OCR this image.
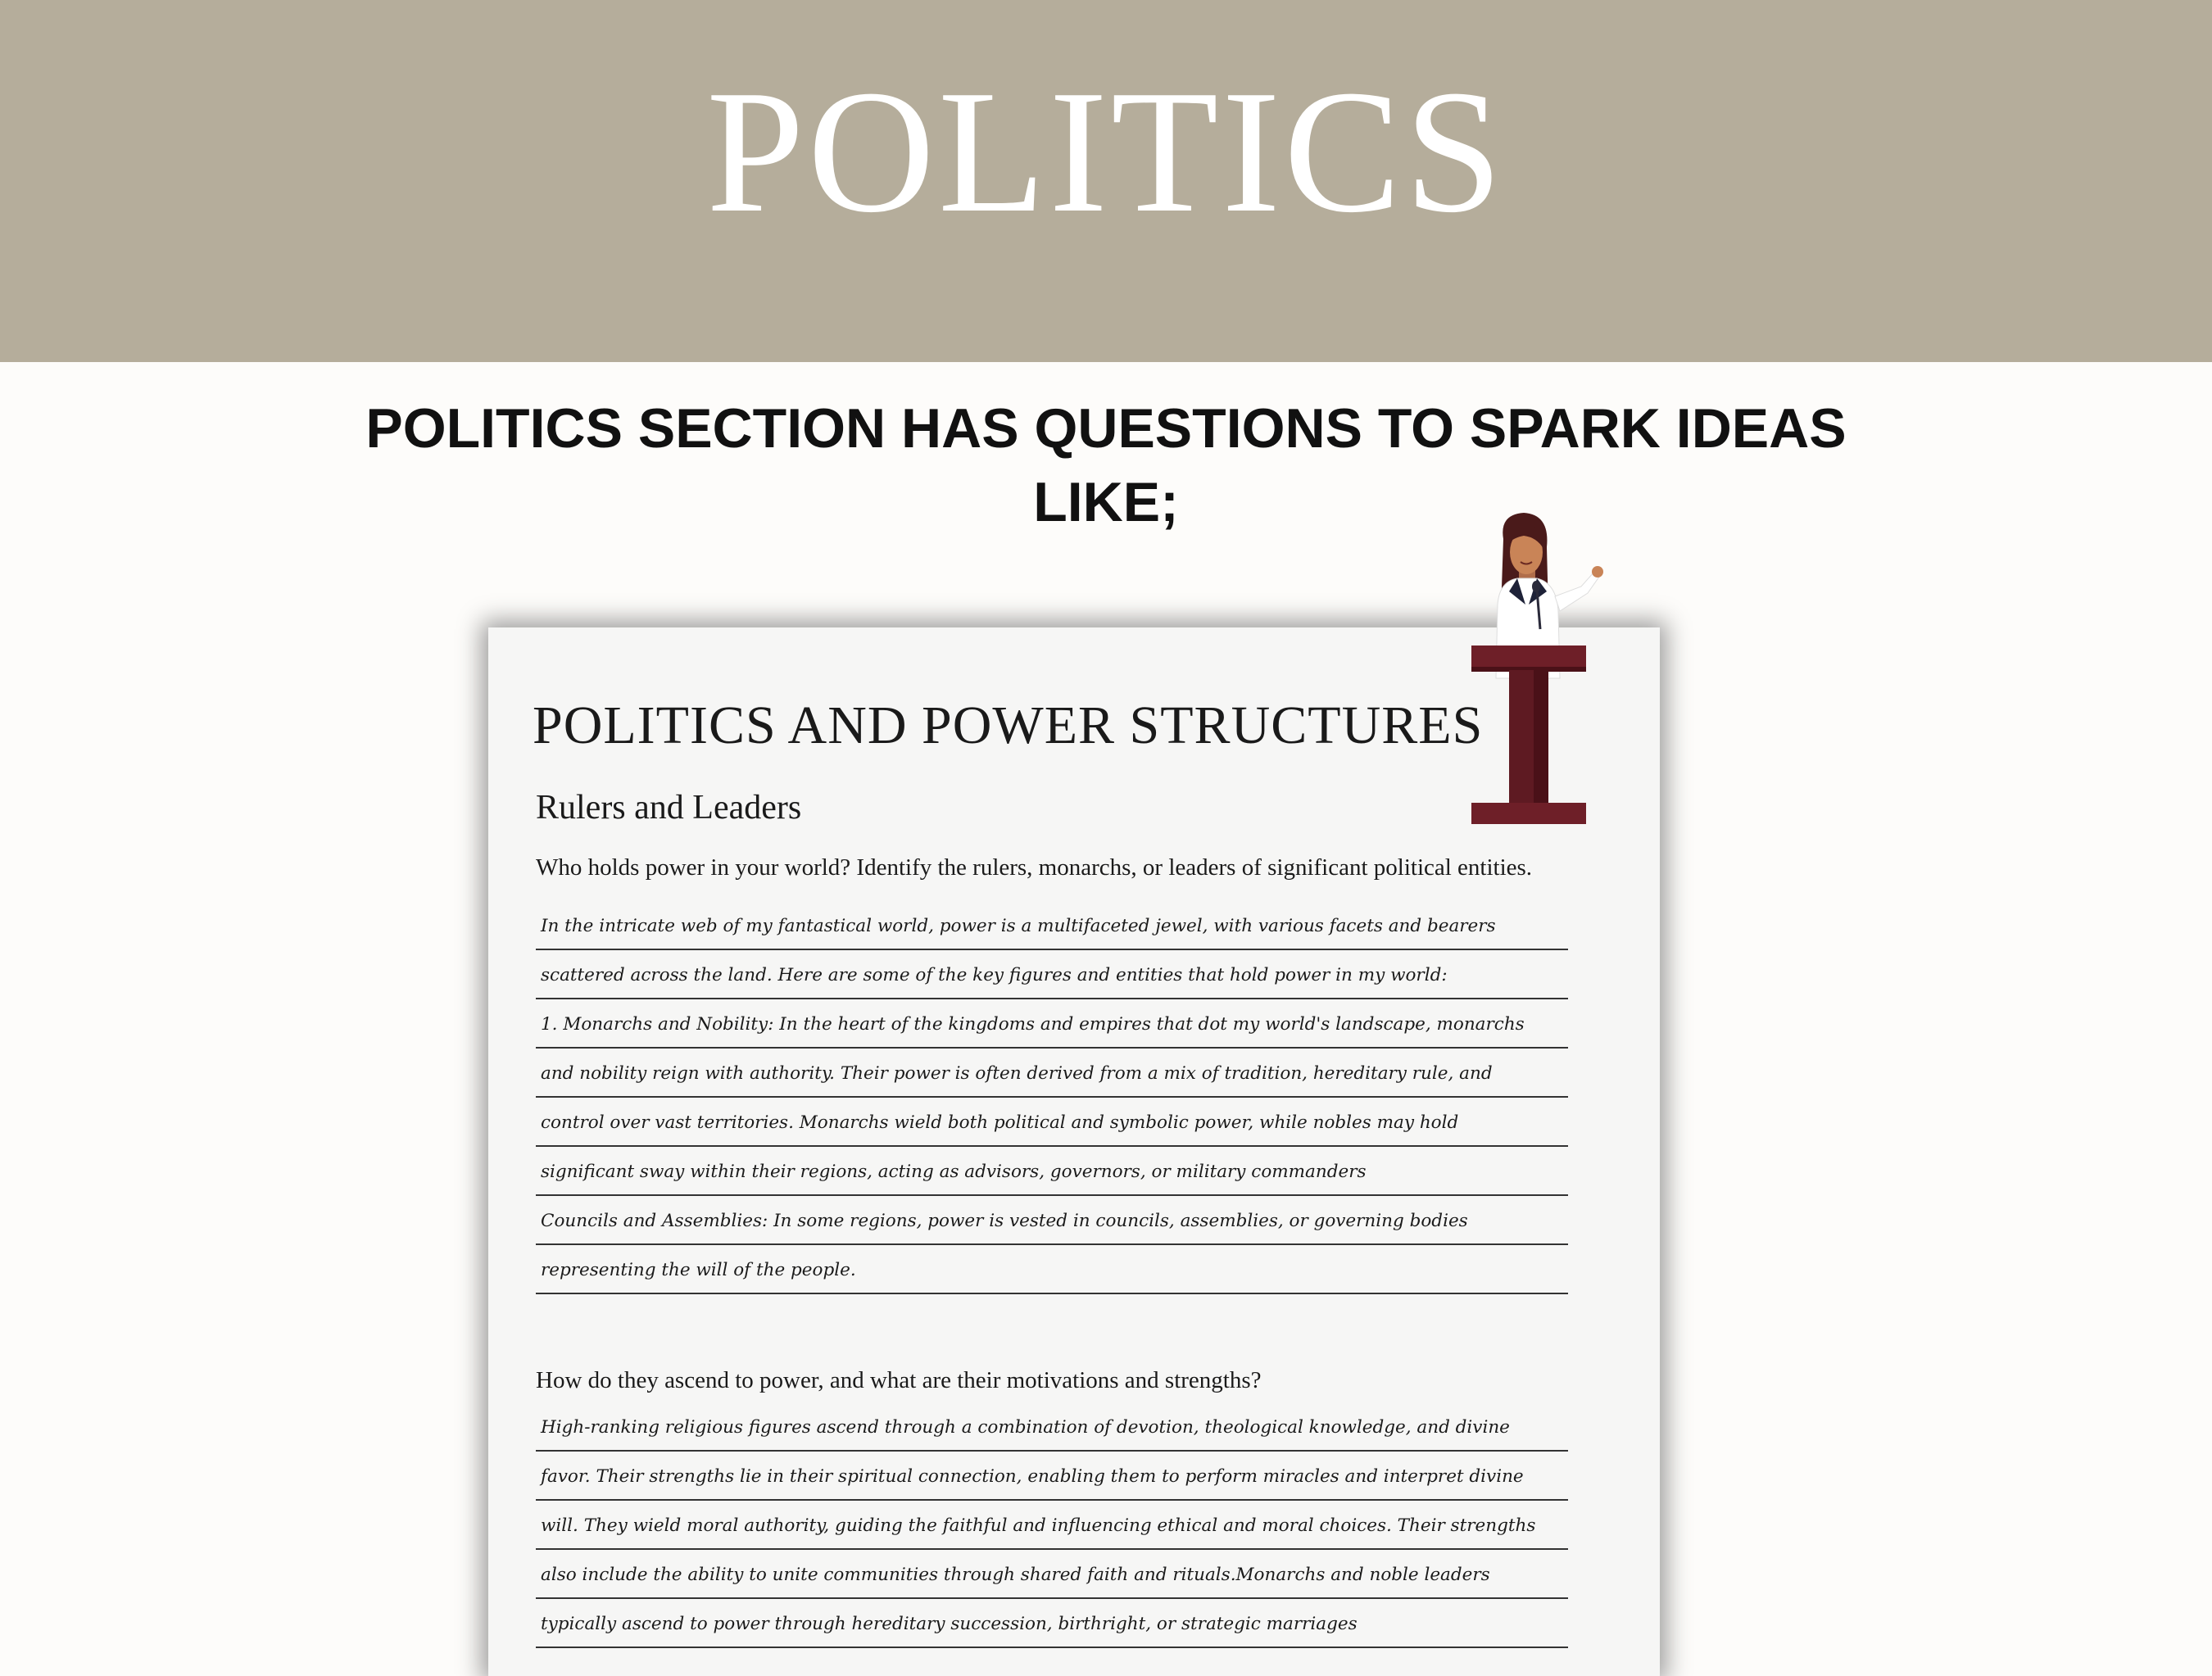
POLITICS
POLITICS SECTION HAS QUESTIONS TO SPARK IDEAS LIKE;
POLITICS AND POWER STRUCTURES
Rulers and Leaders
Who holds power in your world? Identify the rulers, monarchs, or leaders of significant political entities.
In the intricate web of my fantastical world, power is a multifaceted jewel, with various facets and bearers
scattered across the land. Here are some of the key figures and entities that hold power in my world:
1. Monarchs and Nobility: In the heart of the kingdoms and empires that dot my world's landscape, monarchs
and nobility reign with authority. Their power is often derived from a mix of tradition, hereditary rule, and
control over vast territories. Monarchs wield both political and symbolic power, while nobles may hold
significant sway within their regions, acting as advisors, governors, or military commanders
Councils and Assemblies: In some regions, power is vested in councils, assemblies, or governing bodies
representing the will of the people.
How do they ascend to power, and what are their motivations and strengths?
High-ranking religious figures ascend through a combination of devotion, theological knowledge, and divine
favor. Their strengths lie in their spiritual connection, enabling them to perform miracles and interpret divine
will. They wield moral authority, guiding the faithful and influencing ethical and moral choices. Their strengths
also include the ability to unite communities through shared faith and rituals.Monarchs and noble leaders
typically ascend to power through hereditary succession, birthright, or strategic marriages
